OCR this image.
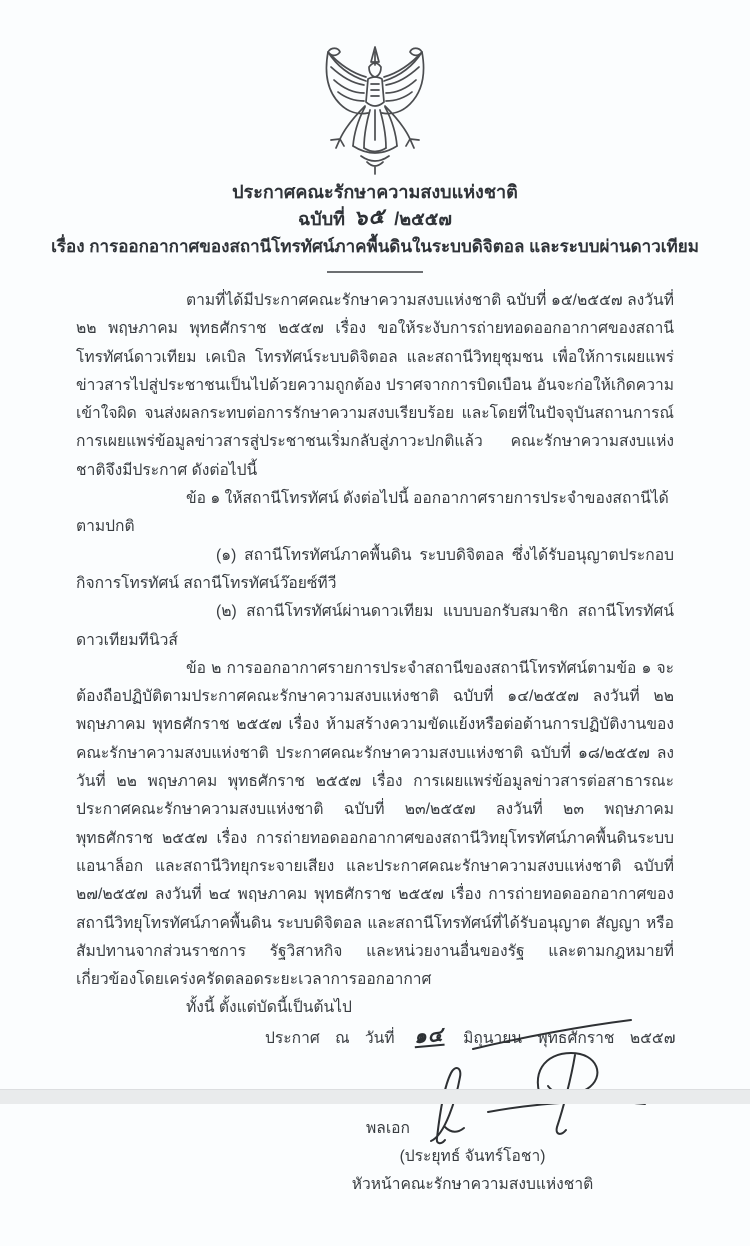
ประกาศคณะรักษาความสงบแห่งชาติ
ฉบับที่ ๖๕ /๒๕๕๗
เรื่อง การออกอากาศของสถานีโทรทัศน์ภาคพื้นดินในระบบดิจิตอล และระบบผ่านดาวเทียม

ตามที่ได้มีประกาศคณะรักษาความสงบแห่งชาติ ฉบับที่ ๑๕/๒๕๕๗ ลงวันที่ ๒๒ พฤษภาคม พุทธศักราช ๒๕๕๗ เรื่อง ขอให้ระงับการถ่ายทอดออกอากาศของสถานีโทรทัศน์ดาวเทียม เคเบิล โทรทัศน์ระบบดิจิตอล และสถานีวิทยุชุมชน เพื่อให้การเผยแพร่ข่าวสารไปสู่ประชาชนเป็นไปด้วยความถูกต้อง ปราศจากการบิดเบือน อันจะก่อให้เกิดความเข้าใจผิด จนส่งผลกระทบต่อการรักษาความสงบเรียบร้อย และโดยที่ในปัจจุบันสถานการณ์การเผยแพร่ข้อมูลข่าวสารสู่ประชาชนเริ่มกลับสู่ภาวะปกติแล้ว คณะรักษาความสงบแห่งชาติจึงมีประกาศ ดังต่อไปนี้

ข้อ ๑ ให้สถานีโทรทัศน์ ดังต่อไปนี้ ออกอากาศรายการประจำของสถานีได้ตามปกติ

(๑) สถานีโทรทัศน์ภาคพื้นดิน ระบบดิจิตอล ซึ่งได้รับอนุญาตประกอบกิจการโทรทัศน์ สถานีโทรทัศน์ว๊อยซ์ทีวี

(๒) สถานีโทรทัศน์ผ่านดาวเทียม แบบบอกรับสมาชิก สถานีโทรทัศน์ดาวเทียมทีนิวส์

ข้อ ๒ การออกอากาศรายการประจำสถานีของสถานีโทรทัศน์ตามข้อ ๑ จะต้องถือปฏิบัติตามประกาศคณะรักษาความสงบแห่งชาติ ฉบับที่ ๑๔/๒๕๕๗ ลงวันที่ ๒๒ พฤษภาคม พุทธศักราช ๒๕๕๗ เรื่อง ห้ามสร้างความขัดแย้งหรือต่อต้านการปฏิบัติงานของคณะรักษาความสงบแห่งชาติ ประกาศคณะรักษาความสงบแห่งชาติ ฉบับที่ ๑๘/๒๕๕๗ ลงวันที่ ๒๒ พฤษภาคม พุทธศักราช ๒๕๕๗ เรื่อง การเผยแพร่ข้อมูลข่าวสารต่อสาธารณะ ประกาศคณะรักษาความสงบแห่งชาติ ฉบับที่ ๒๓/๒๕๕๗ ลงวันที่ ๒๓ พฤษภาคม พุทธศักราช ๒๕๕๗ เรื่อง การถ่ายทอดออกอากาศของสถานีวิทยุโทรทัศน์ภาคพื้นดินระบบแอนาล็อก และสถานีวิทยุกระจายเสียง และประกาศคณะรักษาความสงบแห่งชาติ ฉบับที่ ๒๗/๒๕๕๗ ลงวันที่ ๒๔ พฤษภาคม พุทธศักราช ๒๕๕๗ เรื่อง การถ่ายทอดออกอากาศของสถานีวิทยุโทรทัศน์ภาคพื้นดิน ระบบดิจิตอล และสถานีโทรทัศน์ที่ได้รับอนุญาต สัญญา หรือสัมปทานจากส่วนราชการ รัฐวิสาหกิจ และหน่วยงานอื่นของรัฐ และตามกฎหมายที่เกี่ยวข้องโดยเคร่งครัดตลอดระยะเวลาการออกอากาศ

ทั้งนี้ ตั้งแต่บัดนี้เป็นต้นไป

ประกาศ ณ วันที่ ๑๔ มิถุนายน พุทธศักราช ๒๕๕๗
พลเอก
(ประยุทธ์ จันทร์โอชา)
หัวหน้าคณะรักษาความสงบแห่งชาติ
